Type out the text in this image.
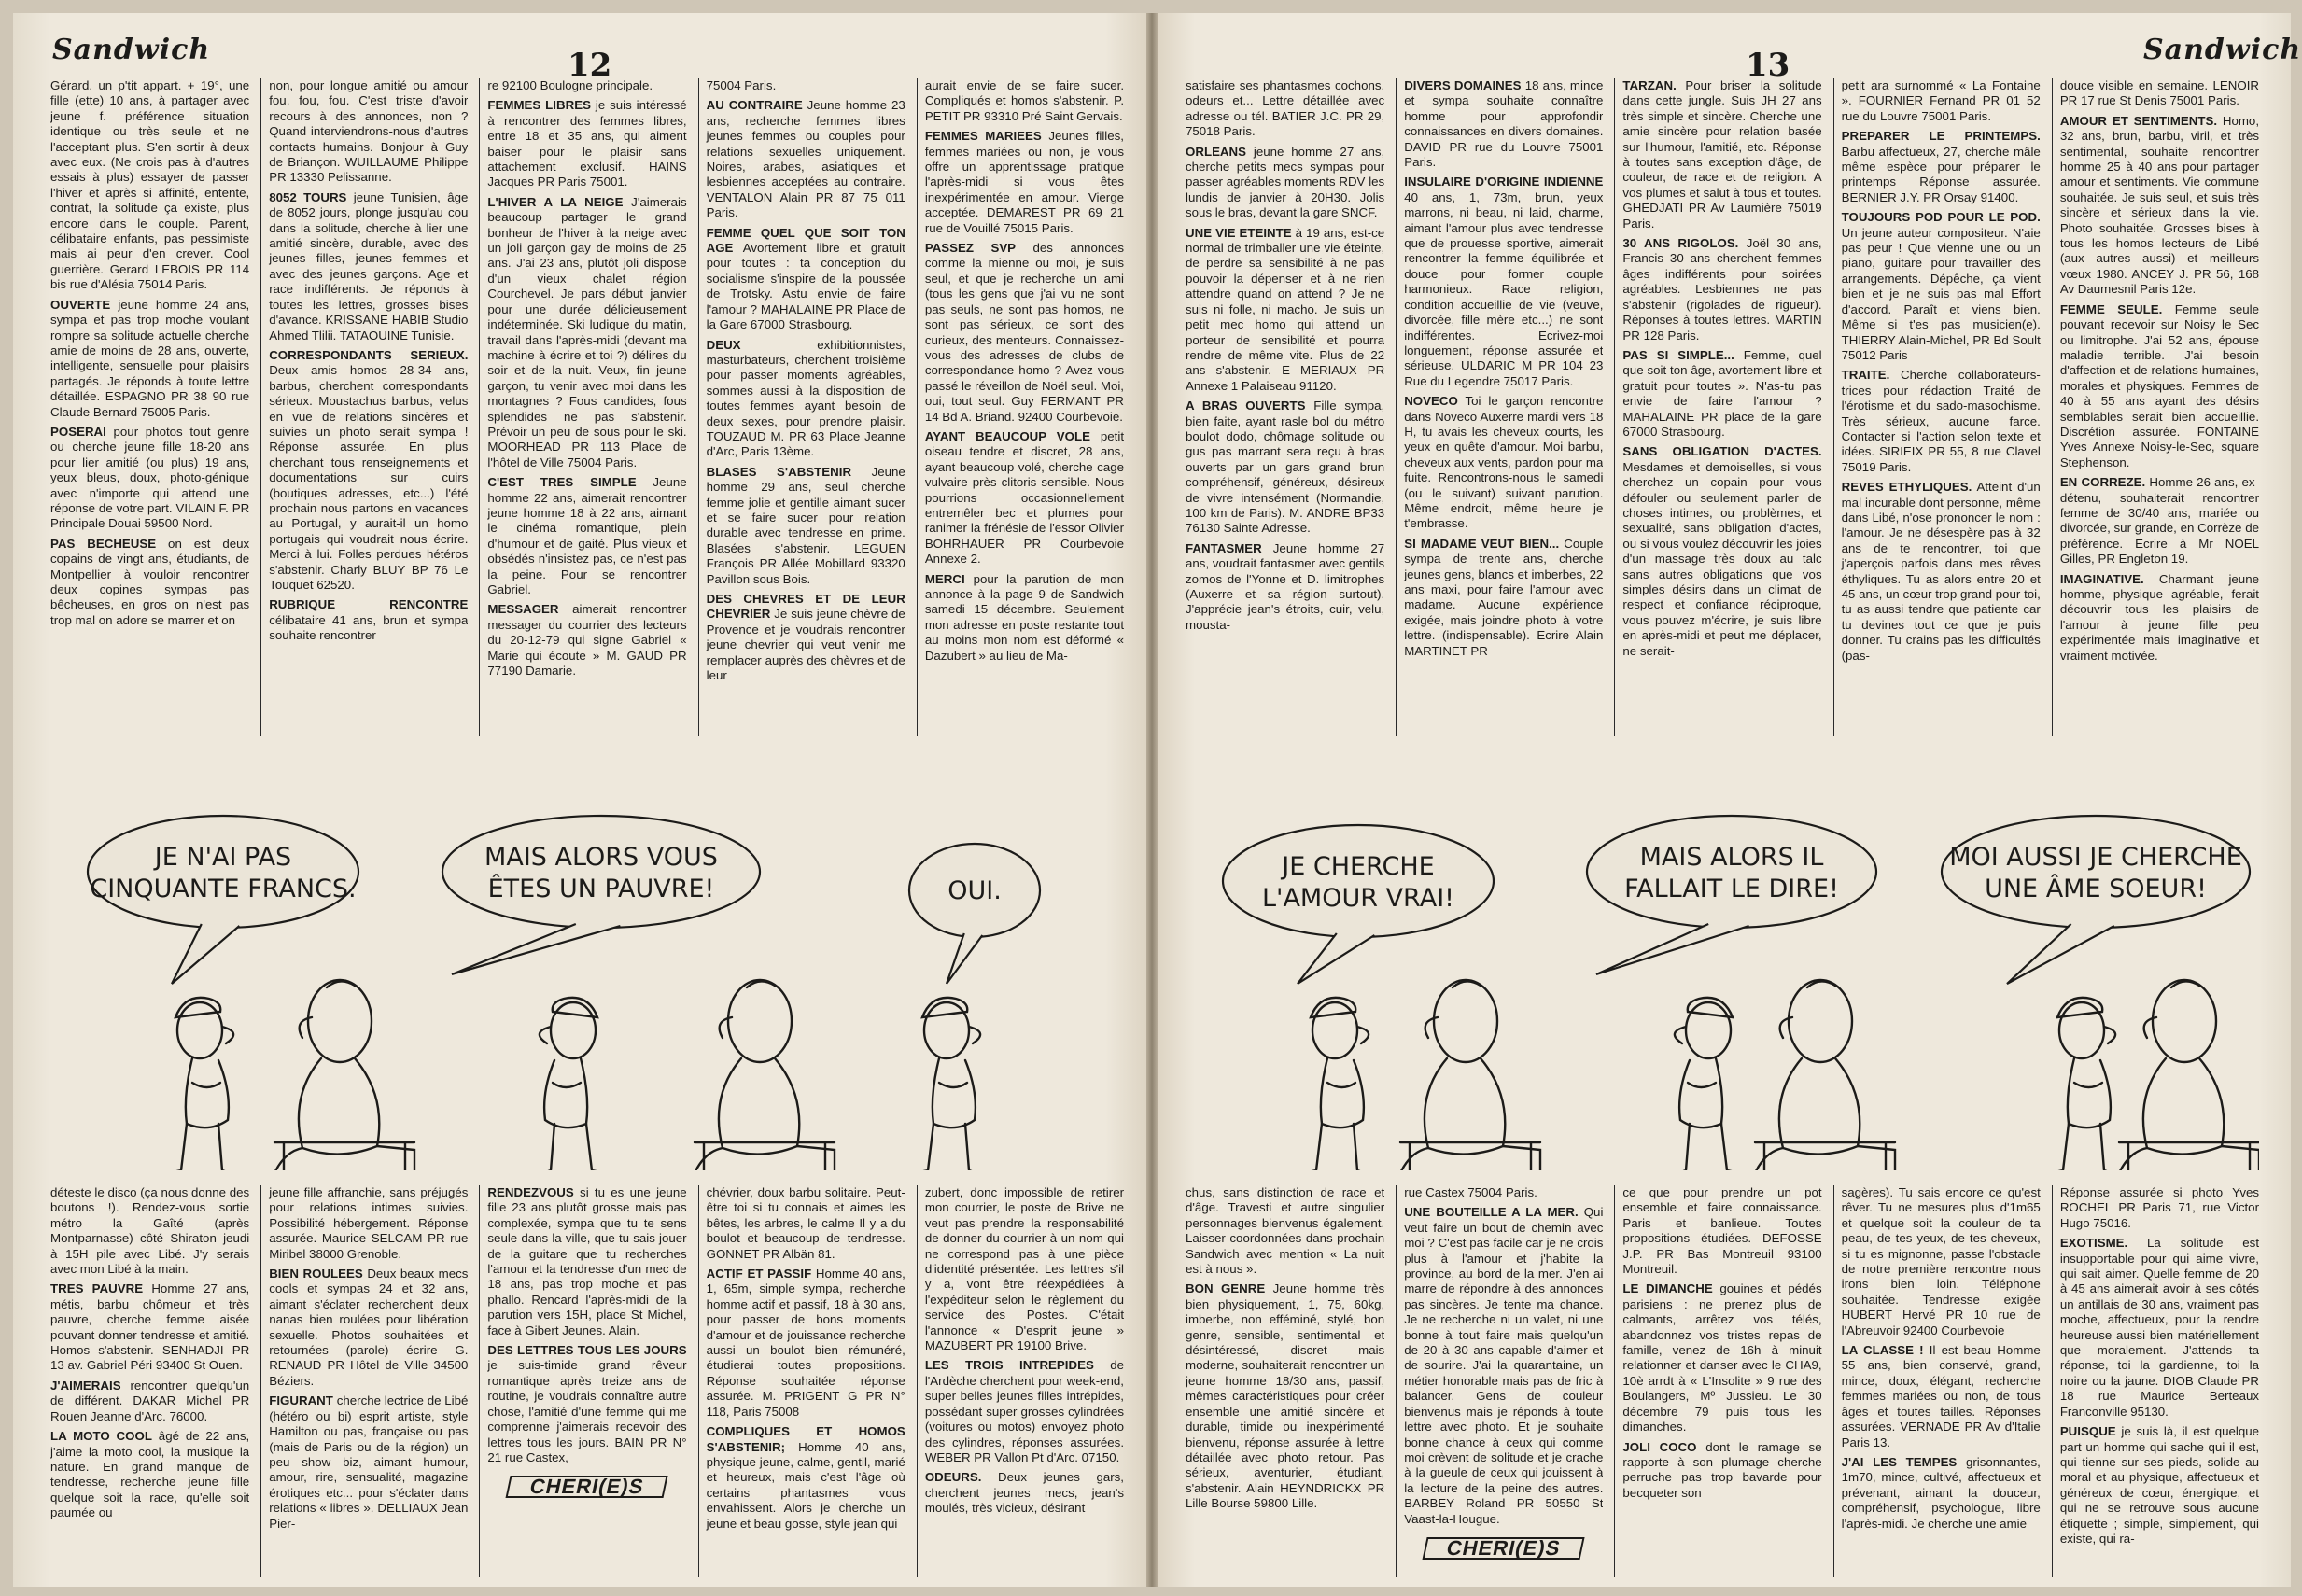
Sandwich	12

Gérard, un p'tit appart. + 19°, une fille (ette) 10 ans, à partager avec jeune f. préférence situation identique ou très seule et ne l'acceptant plus. S'en sortir à deux avec eux. (Ne crois pas à d'autres essais à plus) essayer de passer l'hiver et après si affinité, entente, contrat, la solitude ça existe, plus encore dans le couple. Parent, célibataire enfants, pas pessimiste mais ai peur d'en crever. Cool guerrière. Gerard LEBOIS PR 114 bis rue d'Alésia 75014 Paris.

OUVERTE jeune homme 24 ans, sympa et pas trop moche voulant rompre sa solitude actuelle cherche amie de moins de 28 ans, ouverte, intelligente, sensuelle pour plaisirs partagés. Je réponds à toute lettre détaillée. ESPAGNO PR 38 90 rue Claude Bernard 75005 Paris.

POSERAI pour photos tout genre ou cherche jeune fille 18-20 ans pour lier amitié (ou plus) 19 ans, yeux bleus, doux, photo-génique avec n'importe qui attend une réponse de votre part. VILAIN F. PR Principale Douai 59500 Nord.

PAS BECHEUSE on est deux copains de vingt ans, étudiants, de Montpellier à vouloir rencontrer deux copines sympas pas bêcheuses, en gros on n'est pas trop mal on adore se marrer et on

non, pour longue amitié ou amour fou, fou, fou. C'est triste d'avoir recours à des annonces, non ? Quand interviendrons-nous d'autres contacts humains. Bonjour à Guy de Briançon. WUILLAUME Philippe PR 13330 Pelissanne.

8052 TOURS jeune Tunisien, âge de 8052 jours, plonge jusqu'au cou dans la solitude, cherche à lier une amitié sincère, durable, avec des jeunes filles, jeunes femmes et avec des jeunes garçons. Age et race indifférents. Je réponds à toutes les lettres, grosses bises d'avance. KRISSANE HABIB Studio Ahmed Tlilii. TATAOUINE Tunisie.

CORRESPONDANTS SERIEUX. Deux amis homos 28-34 ans, barbus, cherchent correspondants sérieux. Moustachus barbus, velus en vue de relations sincères et suivies un photo serait sympa ! Réponse assurée. En plus cherchant tous renseignements et documentations sur cuirs (boutiques adresses, etc...) l'été prochain nous partons en vacances au Portugal, y aurait-il un homo portugais qui voudrait nous écrire. Merci à lui. Folles perdues hétéros s'abstenir. Charly BLUY BP 76 Le Touquet 62520.

RUBRIQUE RENCONTRE célibataire 41 ans, brun et sympa souhaite rencontrer

re 92100 Boulogne principale.

FEMMES LIBRES je suis intéressé à rencontrer des femmes libres, entre 18 et 35 ans, qui aiment baiser pour le plaisir sans attachement exclusif. HAINS Jacques PR Paris 75001.

L'HIVER A LA NEIGE J'aimerais beaucoup partager le grand bonheur de l'hiver à la neige avec un joli garçon gay de moins de 25 ans. J'ai 23 ans, plutôt joli dispose d'un vieux chalet région Courchevel. Je pars début janvier pour une durée délicieusement indéterminée. Ski ludique du matin, travail dans l'après-midi (devant ma machine à écrire et toi ?) délires du soir et de la nuit. Veux, fin jeune garçon, tu venir avec moi dans les montagnes ? Fous candides, fous splendides ne pas s'abstenir. Prévoir un peu de sous pour le ski. MOORHEAD PR 113 Place de l'hôtel de Ville 75004 Paris.

C'EST TRES SIMPLE Jeune homme 22 ans, aimerait rencontrer jeune homme 18 à 22 ans, aimant le cinéma romantique, plein d'humour et de gaité. Plus vieux et obsédés n'insistez pas, ce n'est pas la peine. Pour se rencontrer Gabriel.

MESSAGER aimerait rencontrer messager du courrier des lecteurs du 20-12-79 qui signe Gabriel « Marie qui écoute » M. GAUD PR 77190 Damarie.

75004 Paris.

AU CONTRAIRE Jeune homme 23 ans, recherche femmes libres jeunes femmes ou couples pour relations sexuelles uniquement. Noires, arabes, asiatiques et lesbiennes acceptées au contraire. VENTALON Alain PR 87 75 011 Paris.

FEMME QUEL QUE SOIT TON AGE Avortement libre et gratuit pour toutes : ta conception du socialisme s'inspire de la poussée de Trotsky. Astu envie de faire l'amour ? MAHALAINE PR Place de la Gare 67000 Strasbourg.

DEUX	exhibitionnistes, masturbateurs, cherchent troisième pour passer moments agréables, sommes aussi à la disposition de toutes femmes ayant besoin de deux sexes, pour prendre plaisir. TOUZAUD M. PR 63 Place Jeanne d'Arc, Paris 13ème.

BLASES S'ABSTENIR Jeune homme 29 ans, seul cherche femme jolie et gentille aimant sucer et se faire sucer pour relation durable avec tendresse en prime. Blasées s'abstenir. LEGUEN François PR Allée Mobillard 93320 Pavillon sous Bois.

DES CHEVRES ET DE LEUR CHEVRIER Je suis jeune chèvre de Provence et je voudrais rencontrer jeune chevrier qui veut venir me remplacer auprès des chèvres et de leur

aurait envie de se faire sucer. Compliqués et homos s'abstenir. P. PETIT PR 93310 Pré Saint Gervais.

FEMMES MARIEES Jeunes filles, femmes mariées ou non, je vous offre un apprentissage pratique l'après-midi si vous êtes inexpérimentée en amour. Vierge acceptée. DEMAREST PR 69 21 rue de Vouillé 75015 Paris.

PASSEZ SVP des annonces comme la mienne ou moi, je suis seul, et que je recherche un ami (tous les gens que j'ai vu ne sont pas seuls, ne sont pas homos, ne sont pas sérieux, ce sont des curieux, des menteurs. Connaissez-vous des adresses de clubs de correspondance homo ? Avez vous passé le réveillon de Noël seul. Moi, oui, tout seul. Guy FERMANT PR 14 Bd A. Briand. 92400 Courbevoie.

AYANT BEAUCOUP VOLE petit oiseau tendre et discret, 28 ans, ayant beaucoup volé, cherche cage vulvaire près clitoris sensible. Nous pourrions occasionnellement entremêler bec et plumes pour ranimer la frénésie de l'essor Olivier BOHRHAUER PR Courbevoie Annexe 2.

MERCI pour la parution de mon annonce à la page 9 de Sandwich samedi 15 décembre. Seulement mon adresse en poste restante tout au moins mon nom est déformé « Dazubert » au lieu de Ma-

JE N'AI PAS CINQUANTE FRANCS.
MAIS ALORS VOUS ÊTES UN PAUVRE!	OUI.

déteste le disco (ça nous donne des boutons !). Rendez-vous sortie métro la Gaîté (après Montparnasse) côté Shiraton jeudi à 15H pile avec Libé. J'y serais avec mon Libé à la main.

TRES PAUVRE Homme 27 ans, métis, barbu chômeur et très pauvre, cherche femme aisée pouvant donner tendresse et amitié. Homos s'abstenir. SENHADJI PR 13 av. Gabriel Péri 93400 St Ouen.

J'AIMERAIS rencontrer quelqu'un de différent. DAKAR Michel PR Rouen Jeanne d'Arc. 76000.

LA MOTO COOL âgé de 22 ans, j'aime la moto cool, la musique la nature. En grand manque de tendresse, recherche jeune fille quelque soit la race, qu'elle soit paumée ou

jeune fille affranchie, sans préjugés pour relations intimes suivies. Possibilité hébergement. Réponse assurée. Maurice SELCAM PR rue Miribel 38000 Grenoble.

BIEN ROULEES Deux beaux mecs cools et sympas 24 et 32 ans, aimant s'éclater recherchent deux nanas bien roulées pour libération sexuelle. Photos souhaitées et retournées (parole) écrire G. RENAUD PR Hôtel de Ville 34500 Béziers.

FIGURANT cherche lectrice de Libé (hétéro ou bi) esprit artiste, style Hamilton ou pas, française ou pas (mais de Paris ou de la région) un peu show biz, aimant humour, amour, rire, sensualité, magazine érotiques etc... pour s'éclater dans relations « libres ». DELLIAUX Jean Pier-

RENDEZVOUS si tu es une jeune fille 23 ans plutôt grosse mais pas complexée, sympa que tu te sens seule dans la ville, que tu sais jouer de la guitare que tu recherches l'amour et la tendresse d'un mec de 18 ans, pas trop moche et pas phallo. Rencard l'après-midi de la parution vers 15H, place St Michel, face à Gibert Jeunes. Alain.

DES LETTRES TOUS LES JOURS je suis-timide grand rêveur romantique après treize ans de routine, je voudrais connaître autre chose, l'amitié d'une femme qui me comprenne j'aimerais recevoir des lettres tous les jours. BAIN PR N° 21 rue Castex,

CHERI(E)S

chévrier, doux barbu solitaire. Peut-être toi si tu connais et aimes les bêtes, les arbres, le calme Il y a du boulot et beaucoup de tendresse. GONNET PR Albän 81.

ACTIF ET PASSIF Homme 40 ans, 1, 65m, simple sympa, recherche homme actif et passif, 18 à 30 ans, pour passer de bons moments d'amour et de jouissance recherche aussi un boulot bien rémunéré, étudierai toutes propositions. Réponse souhaitée réponse assurée. M. PRIGENT G PR N° 118, Paris 75008

COMPLIQUES ET HOMOS S'ABSTENIR; Homme 40 ans, physique jeune, calme, gentil, marié et heureux, mais c'est l'âge où certains phantasmes vous envahissent. Alors je cherche un jeune et beau gosse, style jean qui

zubert, donc impossible de retirer mon courrier, le poste de Brive ne veut pas prendre la responsabilité de donner du courrier à un nom qui ne correspond pas à une pièce d'identité présentée. Les lettres s'il y a, vont être réexpédiées à l'expéditeur selon le règlement du service des Postes. C'était l'annonce « D'esprit jeune » MAZUBERT PR 19100 Brive.

LES TROIS INTREPIDES de l'Ardèche cherchent pour week-end, super belles jeunes filles intrépides, possédant super grosses cylindrées (voitures ou motos) envoyez photo des cylindres, réponses assurées. WEBER PR Vallon Pt d'Arc. 07150.

ODEURS. Deux jeunes gars, cherchent jeunes mecs, jean's moulés, très vicieux, désirant

13	Sandwich

satisfaire ses phantasmes cochons, odeurs et... Lettre détaillée avec adresse ou tél. BATIER J.C. PR 29, 75018 Paris.

ORLEANS jeune homme 27 ans, cherche petits mecs sympas pour passer agréables moments RDV les lundis de janvier à 20H30. Jolis sous le bras, devant la gare SNCF.

UNE VIE ETEINTE à 19 ans, est-ce normal de trimballer une vie éteinte, de perdre sa sensibilité à ne pas pouvoir la dépenser et à ne rien attendre quand on attend ? Je ne suis ni folle, ni macho. Je suis un petit mec homo qui attend un porteur de sensibilité et pourra rendre de même vite. Plus de 22 ans s'abstenir. E MERIAUX PR Annexe 1 Palaiseau 91120.

A BRAS OUVERTS Fille sympa, bien faite, ayant rasle bol du métro boulot dodo, chômage solitude ou gus pas marrant sera reçu à bras ouverts par un gars grand brun compréhensif, généreux, désireux de vivre intensément (Normandie, 100 km de Paris). M. ANDRE BP33 76130 Sainte Adresse.

FANTASMER Jeune homme 27 ans, voudrait fantasmer avec gentils zomos de l'Yonne et D. limitrophes (Auxerre et sa région surtout). J'apprécie jean's étroits, cuir, velu, mousta-

DIVERS DOMAINES 18 ans, mince et sympa souhaite connaître homme pour approfondir connaissances en divers domaines. DAVID PR rue du Louvre 75001 Paris.

INSULAIRE D'ORIGINE INDIENNE 40 ans, 1, 73m, brun, yeux marrons, ni beau, ni laid, charme, aimant l'amour plus avec tendresse que de prouesse sportive, aimerait rencontrer la femme équilibrée et douce pour former couple harmonieux. Race religion, condition accueillie de vie (veuve, divorcée, fille mère etc...) ne sont indifférentes. Ecrivez-moi longuement, réponse assurée et sérieuse. ULDARIC M PR 104 23 Rue du Legendre 75017 Paris.

NOVECO Toi le garçon rencontre dans Noveco Auxerre mardi vers 18 H, tu avais les cheveux courts, les yeux en quête d'amour. Moi barbu, cheveux aux vents, pardon pour ma fuite. Rencontrons-nous le samedi (ou le suivant) suivant parution. Même endroit, même heure je t'embrasse.

SI MADAME VEUT BIEN... Couple sympa de trente ans, cherche jeunes gens, blancs et imberbes, 22 ans maxi, pour faire l'amour avec madame. Aucune expérience exigée, mais joindre photo à votre lettre. (indispensable). Ecrire Alain MARTINET PR

TARZAN. Pour briser la solitude dans cette jungle. Suis JH 27 ans très simple et sincère. Cherche une amie sincère pour relation basée sur l'humour, l'amitié, etc. Réponse à toutes sans exception d'âge, de couleur, de race et de religion. A vos plumes et salut à tous et toutes. GHEDJATI PR Av Laumière 75019 Paris.

30 ANS RIGOLOS. Joël 30 ans, Francis 30 ans cherchent femmes âges indifférents pour soirées agréables. Lesbiennes ne pas s'abstenir (rigolades de rigueur). Réponses à toutes lettres. MARTIN PR 128 Paris.

PAS SI SIMPLE... Femme, quel que soit ton âge, avortement libre et gratuit pour toutes ». N'as-tu pas envie de faire l'amour ? MAHALAINE PR place de la gare 67000 Strasbourg.

SANS OBLIGATION D'ACTES. Mesdames et demoiselles, si vous cherchez un copain pour vous défouler ou seulement parler de choses intimes, ou problèmes, et sexualité, sans obligation d'actes, ou si vous voulez découvrir les joies d'un massage très doux au talc sans autres obligations que vos simples désirs dans un climat de respect et confiance réciproque, vous pouvez m'écrire, je suis libre en après-midi et peut me déplacer, ne serait-

petit ara surnommé « La Fontaine ». FOURNIER Fernand PR 01 52 rue du Louvre 75001 Paris.

PREPARER LE PRINTEMPS. Barbu affectueux, 27, cherche mâle même espèce pour préparer le printemps Réponse assurée. BERNIER J.Y. PR Orsay 91400.

TOUJOURS POD POUR LE POD. Un jeune auteur compositeur. N'aie pas peur ! Que vienne une ou un piano, guitare pour travailler des arrangements. Dépêche, ça vient bien et je ne suis pas mal Effort d'accord. Paraît et viens bien. Même si t'es pas musicien(e). THIERRY Alain-Michel, PR Bd Soult 75012 Paris

TRAITE. Cherche collaborateurs-trices pour rédaction Traité de l'érotisme et du sado-masochisme. Très sérieux, aucune farce. Contacter si l'action selon texte et idées. SIRIEIX PR 55, 8 rue Clavel 75019 Paris.

REVES ETHYLIQUES. Atteint d'un mal incurable dont personne, même dans Libé, n'ose prononcer le nom : l'amour. Je ne désespère pas à 32 ans de te rencontrer, toi que j'aperçois parfois dans mes rêves éthyliques. Tu as alors entre 20 et 45 ans, un cœur trop grand pour toi, tu as aussi tendre que patiente car tu devines tout ce que je puis donner. Tu crains pas les difficultés (pas-

douce visible en semaine. LENOIR PR 17 rue St Denis 75001 Paris.

AMOUR ET SENTIMENTS. Homo, 32 ans, brun, barbu, viril, et très sentimental, souhaite rencontrer homme 25 à 40 ans pour partager amour et sentiments. Vie commune souhaitée. Je suis seul, et suis très sincère et sérieux dans la vie. Photo souhaitée. Grosses bises à tous les homos lecteurs de Libé (aux autres aussi) et meilleurs vœux 1980. ANCEY J. PR 56, 168 Av Daumesnil Paris 12e.

FEMME SEULE. Femme seule pouvant recevoir sur Noisy le Sec ou limitrophe. J'ai 52 ans, épouse maladie terrible. J'ai besoin d'affection et de relations humaines, morales et physiques. Femmes de 40 à 55 ans ayant des désirs semblables serait bien accueillie. Discrétion assurée. FONTAINE Yves Annexe Noisy-le-Sec, square Stephenson.

EN CORREZE. Homme 26 ans, ex-détenu, souhaiterait rencontrer femme de 30/40 ans, mariée ou divorcée, sur grande, en Corrèze de préférence. Ecrire à Mr NOEL Gilles, PR Engleton 19.

IMAGINATIVE. Charmant jeune homme, physique agréable, ferait découvrir tous les plaisirs de l'amour à jeune fille peu expérimentée mais imaginative et vraiment motivée.

JE CHERCHE L'AMOUR VRAI!
MAIS ALORS IL FALLAIT LE DIRE!
MOI AUSSI JE CHERCHE UNE ÂME SOEUR!

chus, sans distinction de race et d'âge. Travesti et autre singulier personnages bienvenus également. Laisser coordonnées dans prochain Sandwich avec mention « La nuit est à nous ».

BON GENRE Jeune homme très bien physiquement, 1, 75, 60kg, imberbe, non efféminé, stylé, bon genre, sensible, sentimental et désintéressé, discret mais moderne, souhaiterait rencontrer un jeune homme 18/30 ans, passif, mêmes caractéristiques pour créer ensemble une amitié sincère et durable, timide ou inexpérimenté bienvenu, réponse assurée à lettre détaillée avec photo retour. Pas sérieux, aventurier, étudiant, s'abstenir. Alain HEYNDRICKX PR Lille Bourse 59800 Lille.

rue Castex 75004 Paris.

UNE BOUTEILLE A LA MER. Qui veut faire un bout de chemin avec moi ? C'est pas facile car je ne crois plus à l'amour et j'habite la province, au bord de la mer. J'en ai marre de répondre à des annonces pas sincères. Je tente ma chance. Je ne recherche ni un valet, ni une bonne à tout faire mais quelqu'un de 20 à 30 ans capable d'aimer et de sourire. J'ai la quarantaine, un métier honorable mais pas de fric à balancer. Gens de couleur bienvenus mais je réponds à toute lettre avec photo. Et je souhaite bonne chance à ceux qui comme moi crèvent de solitude et je crache à la gueule de ceux qui jouissent à la lecture de la peine des autres. BARBEY Roland PR 50550 St Vaast-la-Hougue.

CHERI(E)S

ce que pour prendre un pot ensemble et faire connaissance. Paris et banlieue. Toutes propositions étudiées. DEFOSSE J.P. PR Bas Montreuil 93100 Montreuil.

LE DIMANCHE gouines et pédés parisiens : ne prenez plus de calmants, arrêtez vos télés, abandonnez vos tristes repas de famille, venez de 16h à minuit relationner et danser avec le CHA9, 10è arrdt à « L'Insolite » 9 rue des Boulangers, Mº Jussieu. Le 30 décembre 79 puis tous les dimanches.

JOLI COCO dont le ramage se rapporte à son plumage cherche perruche pas trop bavarde pour becqueter son

sagères). Tu sais encore ce qu'est rêver. Tu ne mesures plus d'1m65 et quelque soit la couleur de ta peau, de tes yeux, de tes cheveux, si tu es mignonne, passe l'obstacle de notre première rencontre nous irons bien loin. Téléphone souhaitée. Tendresse exigée HUBERT Hervé PR 10 rue de l'Abreuvoir 92400 Courbevoie

LA CLASSE ! Il est beau Homme 55 ans, bien conservé, grand, mince, doux, élégant, recherche femmes mariées ou non, de tous âges et toutes tailles. Réponses assurées. VERNADE PR Av d'Italie Paris 13.

J'AI LES TEMPES grisonnantes, 1m70, mince, cultivé, affectueux et prévenant, aimant la douceur, compréhensif, psychologue, libre l'après-midi. Je cherche une amie

Réponse assurée si photo Yves ROCHEL PR Paris 71, rue Victor Hugo 75016.

EXOTISME. La solitude est insupportable pour qui aime vivre, qui sait aimer. Quelle femme de 20 à 45 ans aimerait avoir à ses côtés un antillais de 30 ans, vraiment pas moche, affectueux, pour la rendre heureuse aussi bien matériellement que moralement. J'attends ta réponse, toi la gardienne, toi la noire ou la jaune. DIOB Claude PR 18 rue Maurice Berteaux Franconville 95130.

PUISQUE je suis là, il est quelque part un homme qui sache qui il est, qui tienne sur ses pieds, solide au moral et au physique, affectueux et généreux de cœur, énergique, et qui ne se retrouve sous aucune étiquette ; simple, simplement, qui existe, qui ra-
